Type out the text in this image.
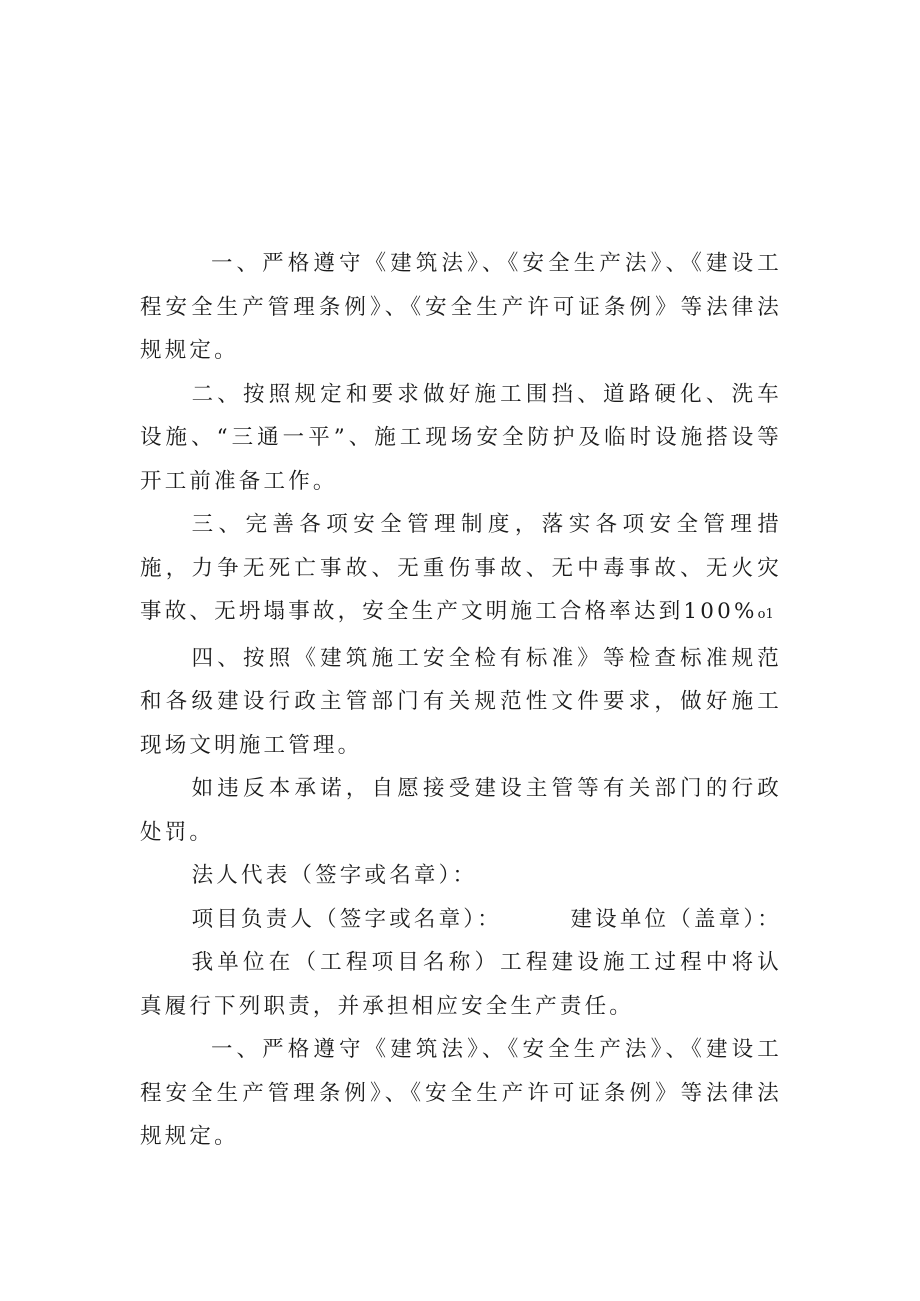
一、严格遵守《建筑法》、《安全生产法》、《建设工程安全生产管理条例》、《安全生产许可证条例》等法律法规规定。

二、按照规定和要求做好施工围挡、道路硬化、洗车设施、“三通一平”、施工现场安全防护及临时设施搭设等开工前准备工作。

三、完善各项安全管理制度，落实各项安全管理措施，力争无死亡事故、无重伤事故、无中毒事故、无火灾事故、无坍塌事故，安全生产文明施工合格率达到100%o1

四、按照《建筑施工安全检有标准》等检查标准规范和各级建设行政主管部门有关规范性文件要求，做好施工现场文明施工管理。

如违反本承诺，自愿接受建设主管等有关部门的行政处罚。

法人代表（签字或名章）：

项目负责人（签字或名章）：	建设单位（盖章）：

我单位在（工程项目名称）工程建设施工过程中将认真履行下列职责，并承担相应安全生产责任。

一、严格遵守《建筑法》、《安全生产法》、《建设工程安全生产管理条例》、《安全生产许可证条例》等法律法规规定。
